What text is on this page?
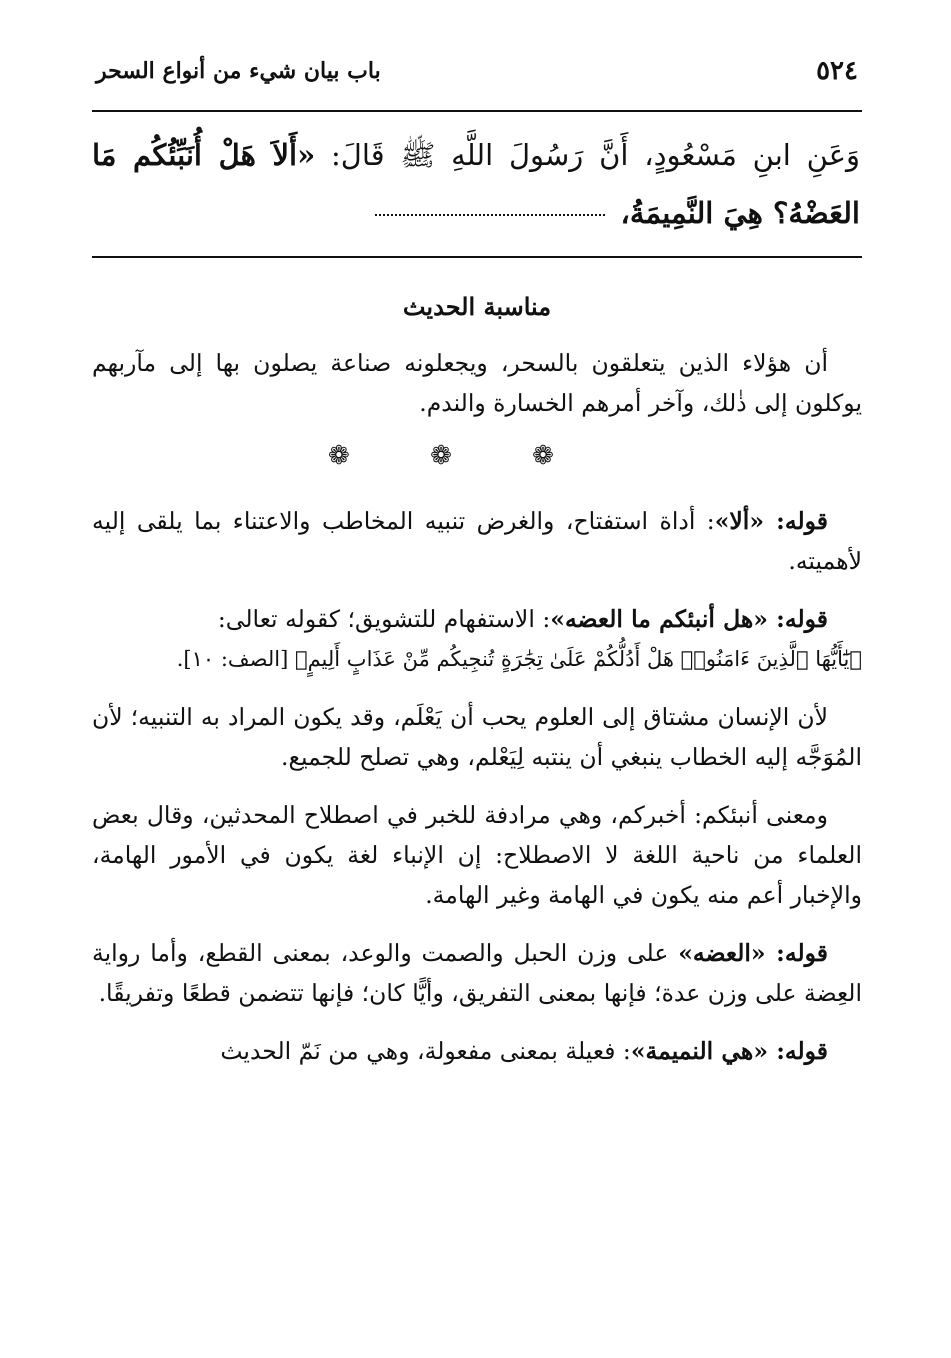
٥٢٤
باب بيان شيء من أنواع السحر
وَعَنِ ابنِ مَسْعُودٍ، أَنَّ رَسُولَ اللَّهِ ﷺ قَالَ: «أَلاَ هَلْ أُنَبِّئُكُم مَا العَضْهُ؟ هِيَ النَّمِيمَةُ،
مناسبة الحديث

أن هؤلاء الذين يتعلقون بالسحر، ويجعلونه صناعة يصلون بها إلى مآربهم يوكلون إلى ذٰلك، وآخر أمرهم الخسارة والندم.

❁ ❁ ❁

قوله: «ألا»: أداة استفتاح، والغرض تنبيه المخاطب والاعتناء بما يلقى إليه لأهميته.

قوله: «هل أنبئكم ما العضه»: الاستفهام للتشويق؛ كقوله تعالى:
﴿يَٰٓأَيُّهَا ٱلَّذِينَ ءَامَنُوا۟ هَلْ أَدُلُّكُمْ عَلَىٰ تِجَٰرَةٍ تُنجِيكُم مِّنْ عَذَابٍ أَلِيمٍ﴾ [الصف: ١٠].

لأن الإنسان مشتاق إلى العلوم يحب أن يَعْلَم، وقد يكون المراد به التنبيه؛ لأن المُوَجَّه إليه الخطاب ينبغي أن ينتبه لِيَعْلم، وهي تصلح للجميع.

ومعنى أنبئكم: أخبركم، وهي مرادفة للخبر في اصطلاح المحدثين، وقال بعض العلماء من ناحية اللغة لا الاصطلاح: إن الإنباء لغة يكون في الأمور الهامة، والإخبار أعم منه يكون في الهامة وغير الهامة.

قوله: «العضه» على وزن الحبل والصمت والوعد، بمعنى القطع، وأما رواية العِضة على وزن عدة؛ فإنها بمعنى التفريق، وأيًّا كان؛ فإنها تتضمن قطعًا وتفريقًا.

قوله: «هي النميمة»: فعيلة بمعنى مفعولة، وهي من نَمّ الحديث
